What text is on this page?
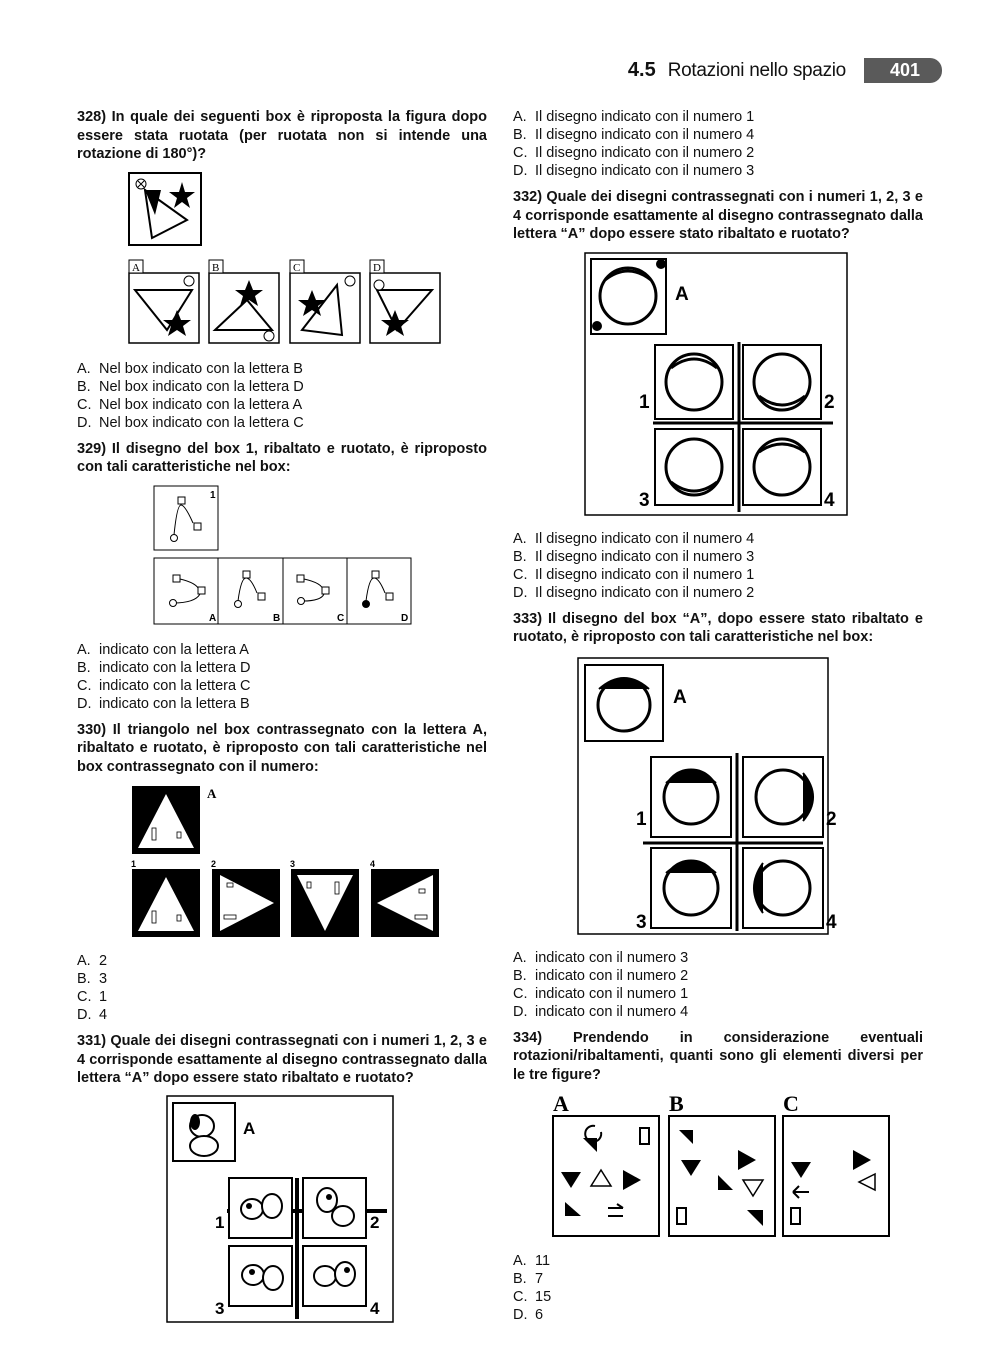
4.5 Rotazioni nello spazio	401

328) In quale dei seguenti box è riproposta la figura dopo essere stata ruotata (per ruotata non si intende una rotazione di 180°)?

A	B	C	D
A. Nel box indicato con la lettera B
B. Nel box indicato con la lettera D
C. Nel box indicato con la lettera A
D. Nel box indicato con la lettera C

329) Il disegno del box 1, ribaltato e ruotato, è riproposto con tali caratteristiche nel box:

1
A	B	C	D
A. indicato con la lettera A
B. indicato con la lettera D
C. indicato con la lettera C
D. indicato con la lettera B

330) Il triangolo nel box contrassegnato con la lettera A, ribaltato e ruotato, è riproposto con tali caratteristiche nel box contrassegnato con il numero:

A
1	2	3	4
A. 2
B. 3
C. 1
D. 4

331) Quale dei disegni contrassegnati con i numeri 1, 2, 3 e 4 corrisponde esattamente al disegno contrassegnato dalla lettera “A” dopo essere stato ribaltato e ruotato?

A
1	2
3	4
A. Il disegno indicato con il numero 1
B. Il disegno indicato con il numero 4
C. Il disegno indicato con il numero 2
D. Il disegno indicato con il numero 3

332) Quale dei disegni contrassegnati con i numeri 1, 2, 3 e 4 corrisponde esattamente al disegno contrassegnato dalla lettera “A” dopo essere stato ribaltato e ruotato?

A
1	2
3	4
A. Il disegno indicato con il numero 4
B. Il disegno indicato con il numero 3
C. Il disegno indicato con il numero 1
D. Il disegno indicato con il numero 2

333) Il disegno del box “A”, dopo essere stato ribaltato e ruotato, è riproposto con tali caratteristiche nel box:

A
1	2
3	4
A. indicato con il numero 3
B. indicato con il numero 2
C. indicato con il numero 1
D. indicato con il numero 4

334) Prendendo in considerazione eventuali rotazioni/ribaltamenti, quanti sono gli elementi diversi per le tre figure?

A	B	C
A. 11
B. 7
C. 15
D. 6
